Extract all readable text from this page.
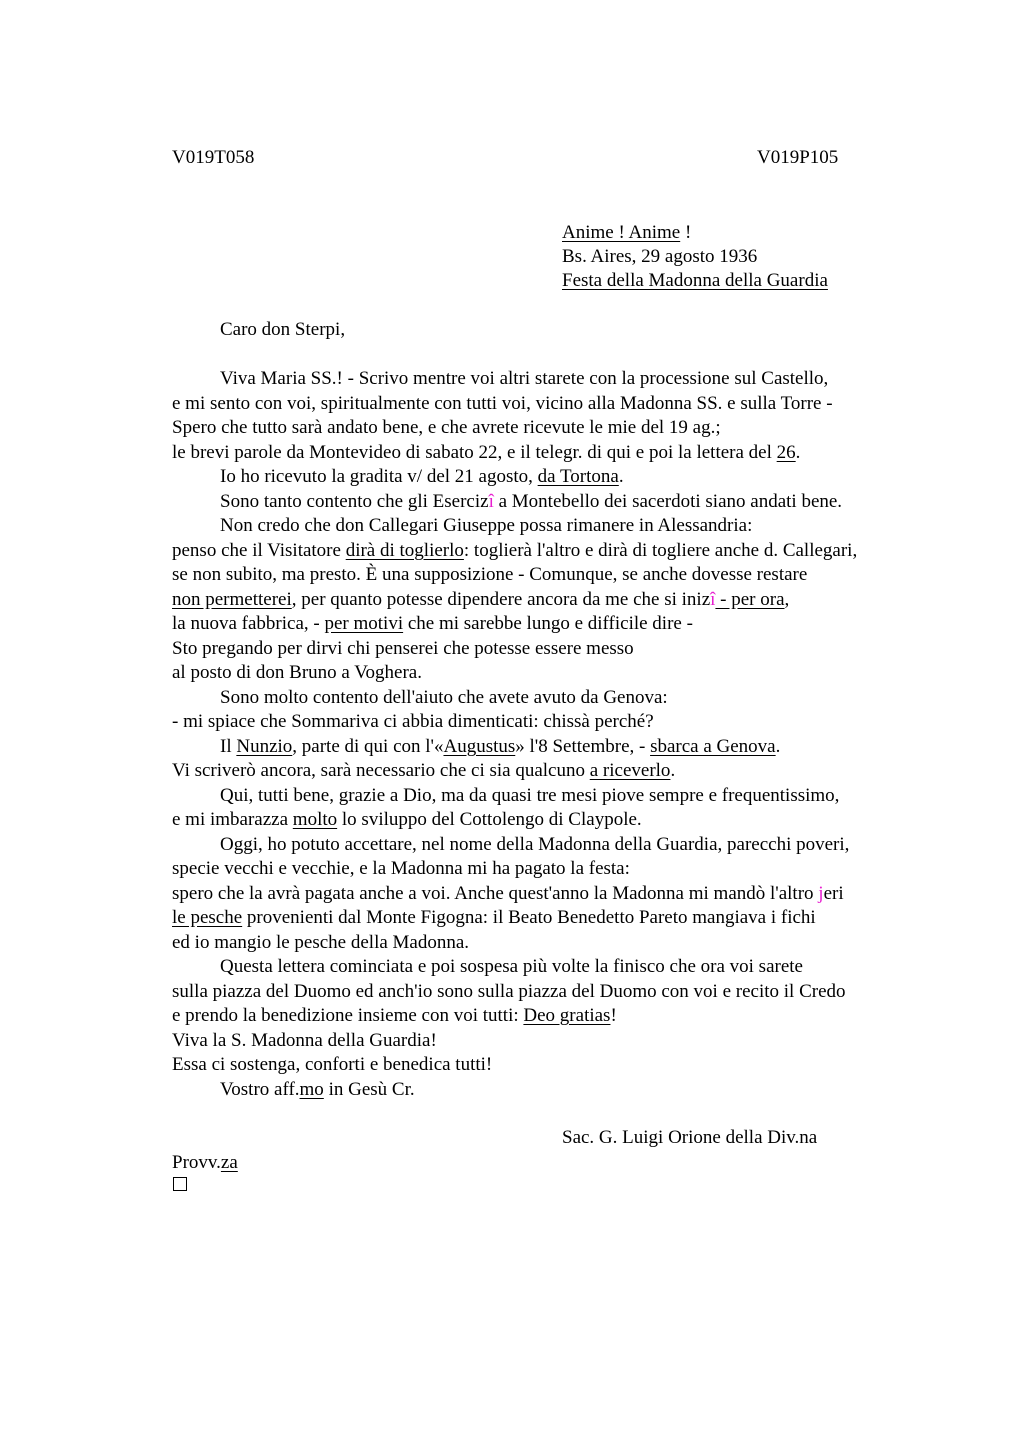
V019T058	V019P105
Anime ! Anime !
Bs. Aires, 29 agosto 1936
Festa della Madonna della Guardia
Caro don Sterpi,
Viva Maria SS.! - Scrivo mentre voi altri starete con la processione sul Castello,
e mi sento con voi, spiritualmente con tutti voi, vicino alla Madonna SS. e sulla Torre -
Spero che tutto sarà andato bene, e che avrete ricevute le mie del 19 ag.;
le brevi parole da Montevideo di sabato 22, e il telegr. di qui e poi la lettera del 26.
Io ho ricevuto la gradita v/ del 21 agosto, da Tortona.
Sono tanto contento che gli Esercizî a Montebello dei sacerdoti siano andati bene.
Non credo che don Callegari Giuseppe possa rimanere in Alessandria:
penso che il Visitatore dirà di toglierlo: toglierà l'altro e dirà di togliere anche d. Callegari,
se non subito, ma presto. È una supposizione - Comunque, se anche dovesse restare
non permetterei, per quanto potesse dipendere ancora da me che si inizî - per ora,
la nuova fabbrica, - per motivi che mi sarebbe lungo e difficile dire -
Sto pregando per dirvi chi penserei che potesse essere messo
al posto di don Bruno a Voghera.
Sono molto contento dell'aiuto che avete avuto da Genova:
- mi spiace che Sommariva ci abbia dimenticati: chissà perché?
Il Nunzio, parte di qui con l'«Augustus» l'8 Settembre, - sbarca a Genova.
Vi scriverò ancora, sarà necessario che ci sia qualcuno a riceverlo.
Qui, tutti bene, grazie a Dio, ma da quasi tre mesi piove sempre e frequentissimo,
e mi imbarazza molto lo sviluppo del Cottolengo di Claypole.
Oggi, ho potuto accettare, nel nome della Madonna della Guardia, parecchi poveri,
specie vecchi e vecchie, e la Madonna mi ha pagato la festa:
spero che la avrà pagata anche a voi. Anche quest'anno la Madonna mi mandò l'altro jeri
le pesche provenienti dal Monte Figogna: il Beato Benedetto Pareto mangiava i fichi
ed io mangio le pesche della Madonna.
Questa lettera cominciata e poi sospesa più volte la finisco che ora voi sarete
sulla piazza del Duomo ed anch'io sono sulla piazza del Duomo con voi e recito il Credo
e prendo la benedizione insieme con voi tutti: Deo gratias!
Viva la S. Madonna della Guardia!
Essa ci sostenga, conforti e benedica tutti!
Vostro aff.mo in Gesù Cr.
Sac. G. Luigi Orione della Div.na
Provv.za
